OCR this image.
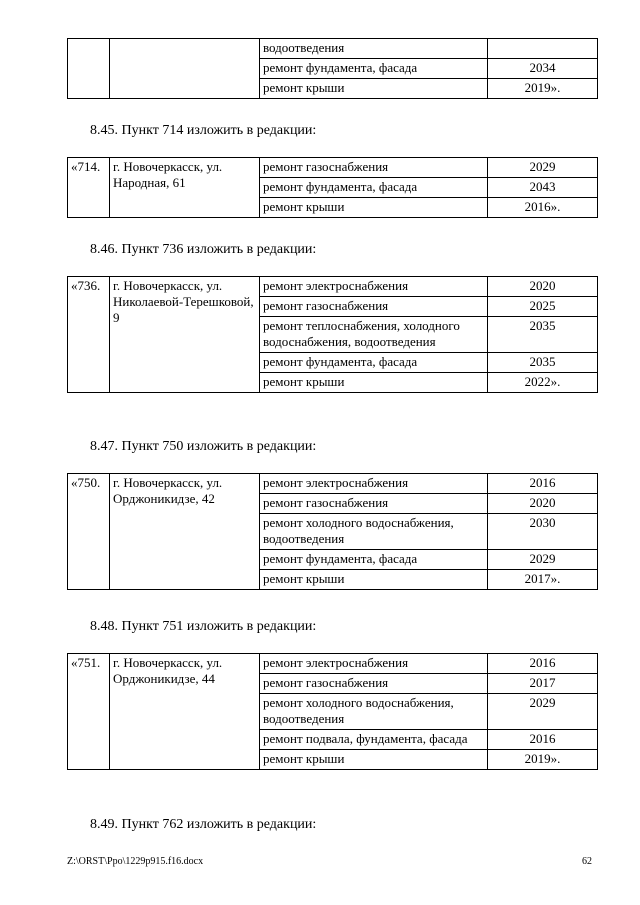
		водоотведения	
		ремонт фундамента, фасада	2034
		ремонт крыши	2019».
8.45. Пункт 714 изложить в редакции:
«714.	г. Новочеркасск, ул. Народная, 61	ремонт газоснабжения	2029
		ремонт фундамента, фасада	2043
		ремонт крыши	2016».
8.46. Пункт 736 изложить в редакции:
«736.	г. Новочеркасск, ул. Николаевой-Терешковой, 9	ремонт электроснабжения	2020
		ремонт газоснабжения	2025
		ремонт теплоснабжения, холодного водоснабжения, водоотведения	2035
		ремонт фундамента, фасада	2035
		ремонт крыши	2022».
8.47. Пункт 750 изложить в редакции:
«750.	г. Новочеркасск, ул. Орджоникидзе, 42	ремонт электроснабжения	2016
		ремонт газоснабжения	2020
		ремонт холодного водоснабжения, водоотведения	2030
		ремонт фундамента, фасада	2029
		ремонт крыши	2017».
8.48. Пункт 751 изложить в редакции:
«751.	г. Новочеркасск, ул. Орджоникидзе, 44	ремонт электроснабжения	2016
		ремонт газоснабжения	2017
		ремонт холодного водоснабжения, водоотведения	2029
		ремонт подвала, фундамента, фасада	2016
		ремонт крыши	2019».
8.49. Пункт 762 изложить в редакции:
Z:\ORST\Ppo\1229p915.f16.docx	62
